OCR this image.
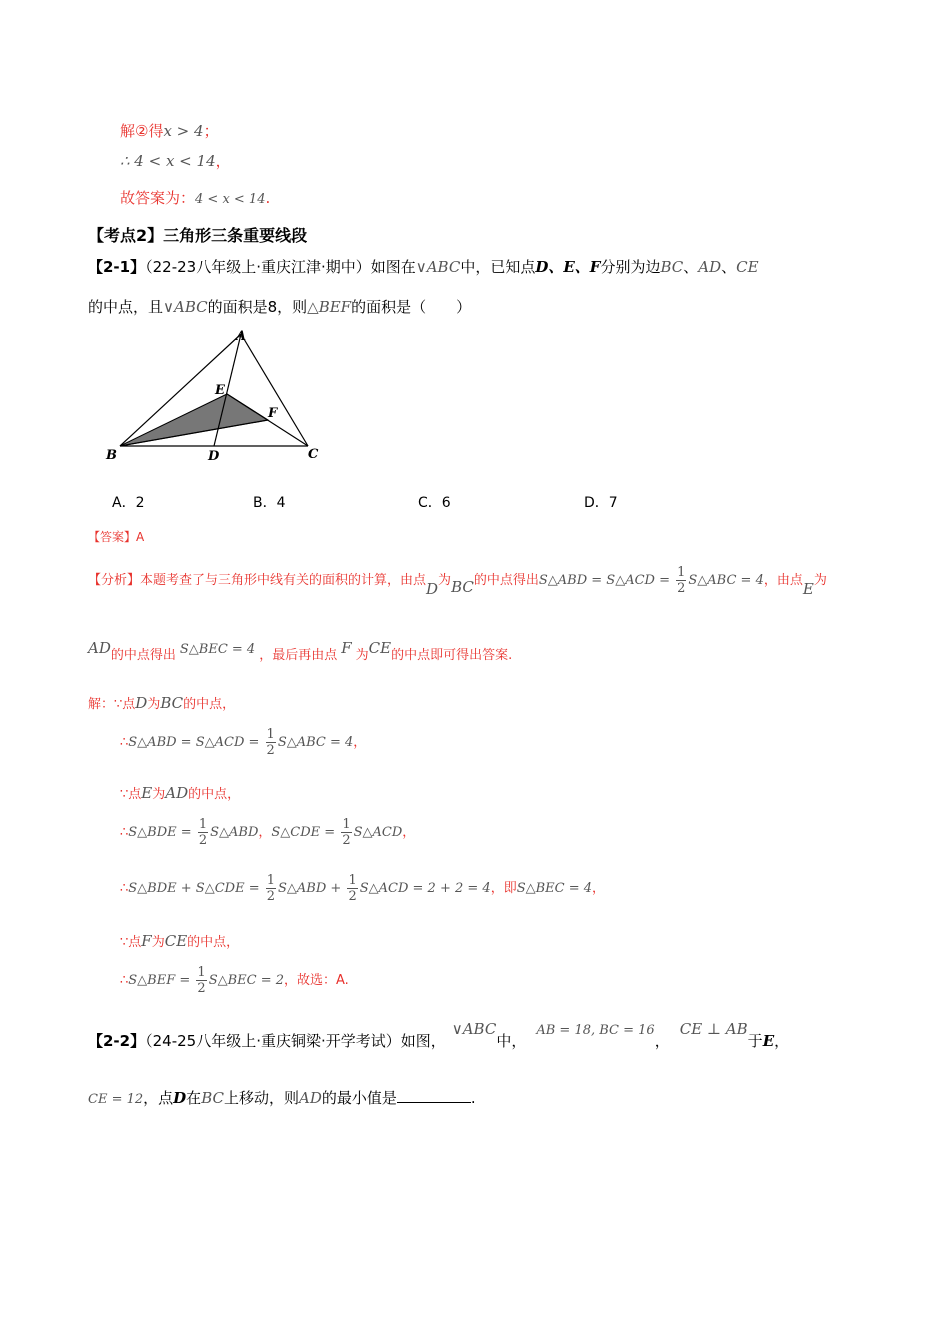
解②得x > 4；
∴ 4 < x < 14，
故答案为：4 < x < 14.
【考点2】三角形三条重要线段
【2-1】（22-23八年级上·重庆江津·期中）如图在∨ABC中，已知点D、E、F分别为边BC、AD、CE
的中点，且∨ABC的面积是8，则△BEF的面积是（　　）
A
B	C
D
E
F
A．2	B．4	C．6	D．7
【答案】A
【分析】本题考查了与三角形中线有关的面积的计算，由点D为BC的中点得出S△ABD = S△ACD = $\frac{1}{2}$ S△ABC = 4，由点E为
AD的中点得出 S△BEC = 4 ，最后再由点 F 为CE的中点即可得出答案.
解：∵点D为BC的中点，
∴S△ABD = S△ACD = $\frac{1}{2}$ S△ABC = 4，
∵点E为AD的中点，
∴S△BDE = $\frac{1}{2}$ S△ABD，S△CDE = $\frac{1}{2}$ S△ACD，
∴S△BDE + S△CDE = $\frac{1}{2}$ S△ABD + $\frac{1}{2}$ S△ACD = 2 + 2 = 4，即S△BEC = 4，
∵点F为CE的中点，
∴S△BEF = $\frac{1}{2}$ S△BEC = 2，故选：A.
【2-2】（24-25八年级上·重庆铜梁·开学考试）如图，∨ABC中，AB = 18, BC = 16，CE ⊥ AB于E，
CE = 12，点D在BC上移动，则AD的最小值是	.
